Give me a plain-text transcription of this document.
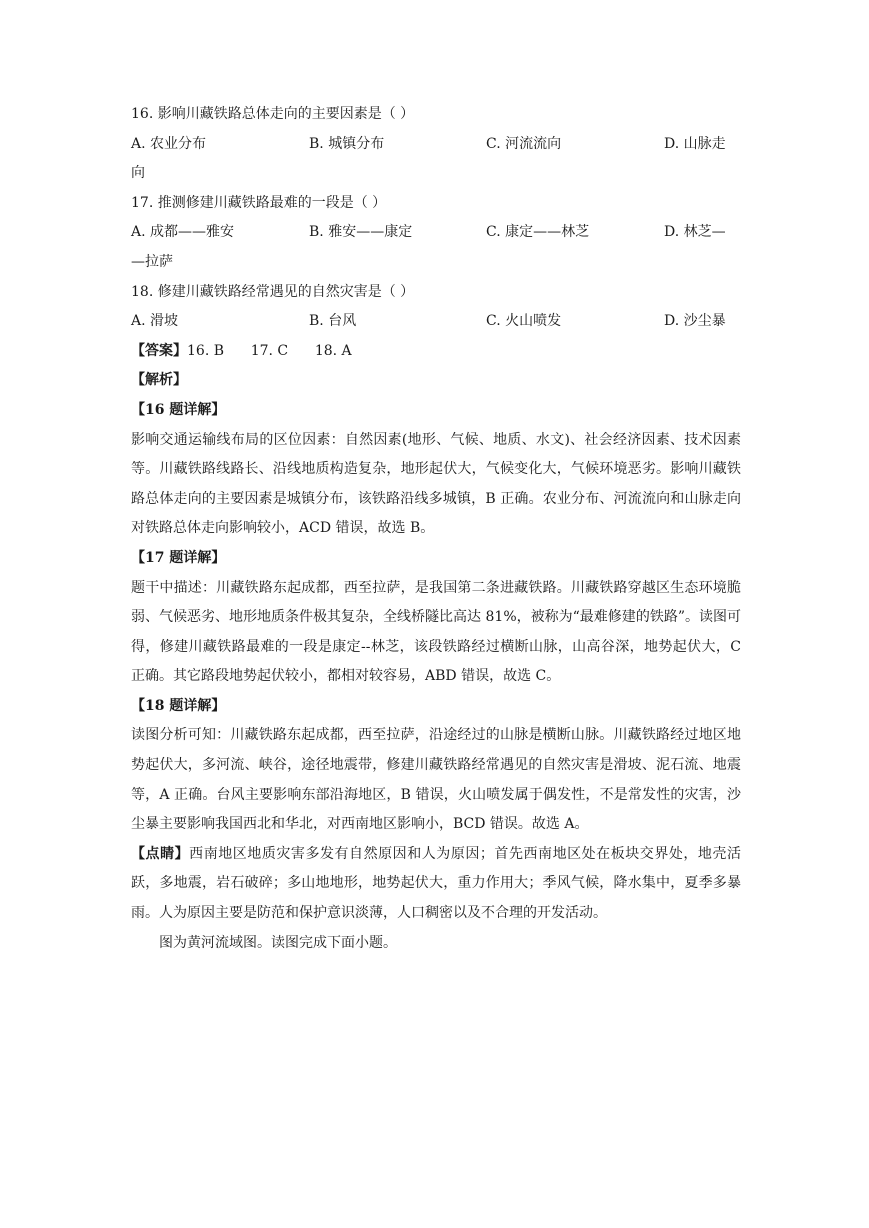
16. 影响川藏铁路总体走向的主要因素是（ ）
A. 农业分布	B. 城镇分布	C. 河流流向	D. 山脉走
向
17. 推测修建川藏铁路最难的一段是（ ）
A. 成都——雅安	B. 雅安——康定	C. 康定——林芝	D. 林芝—
—拉萨
18. 修建川藏铁路经常遇见的自然灾害是（ ）
A. 滑坡	B. 台风	C. 火山喷发	D. 沙尘暴
【答案】16. B      17. C      18. A
【解析】
【16 题详解】

影响交通运输线布局的区位因素：自然因素(地形、气候、地质、水文)、社会经济因素、技术因素等。川藏铁路线路长、沿线地质构造复杂，地形起伏大，气候变化大，气候环境恶劣。影响川藏铁路总体走向的主要因素是城镇分布，该铁路沿线多城镇，B 正确。农业分布、河流流向和山脉走向对铁路总体走向影响较小，ACD 错误，故选 B。

【17 题详解】

题干中描述：川藏铁路东起成都，西至拉萨，是我国第二条进藏铁路。川藏铁路穿越区生态环境脆弱、气候恶劣、地形地质条件极其复杂，全线桥隧比高达 81%，被称为“最难修建的铁路”。读图可得，修建川藏铁路最难的一段是康定--林芝，该段铁路经过横断山脉，山高谷深，地势起伏大，C 正确。其它路段地势起伏较小，都相对较容易，ABD 错误，故选 C。

【18 题详解】

读图分析可知：川藏铁路东起成都，西至拉萨，沿途经过的山脉是横断山脉。川藏铁路经过地区地势起伏大，多河流、峡谷，途径地震带，修建川藏铁路经常遇见的自然灾害是滑坡、泥石流、地震等，A 正确。台风主要影响东部沿海地区，B 错误，火山喷发属于偶发性，不是常发性的灾害，沙尘暴主要影响我国西北和华北，对西南地区影响小，BCD 错误。故选 A。

【点睛】西南地区地质灾害多发有自然原因和人为原因；首先西南地区处在板块交界处，地壳活跃，多地震，岩石破碎；多山地地形，地势起伏大，重力作用大；季风气候，降水集中，夏季多暴雨。人为原因主要是防范和保护意识淡薄，人口稠密以及不合理的开发活动。

图为黄河流域图。读图完成下面小题。
